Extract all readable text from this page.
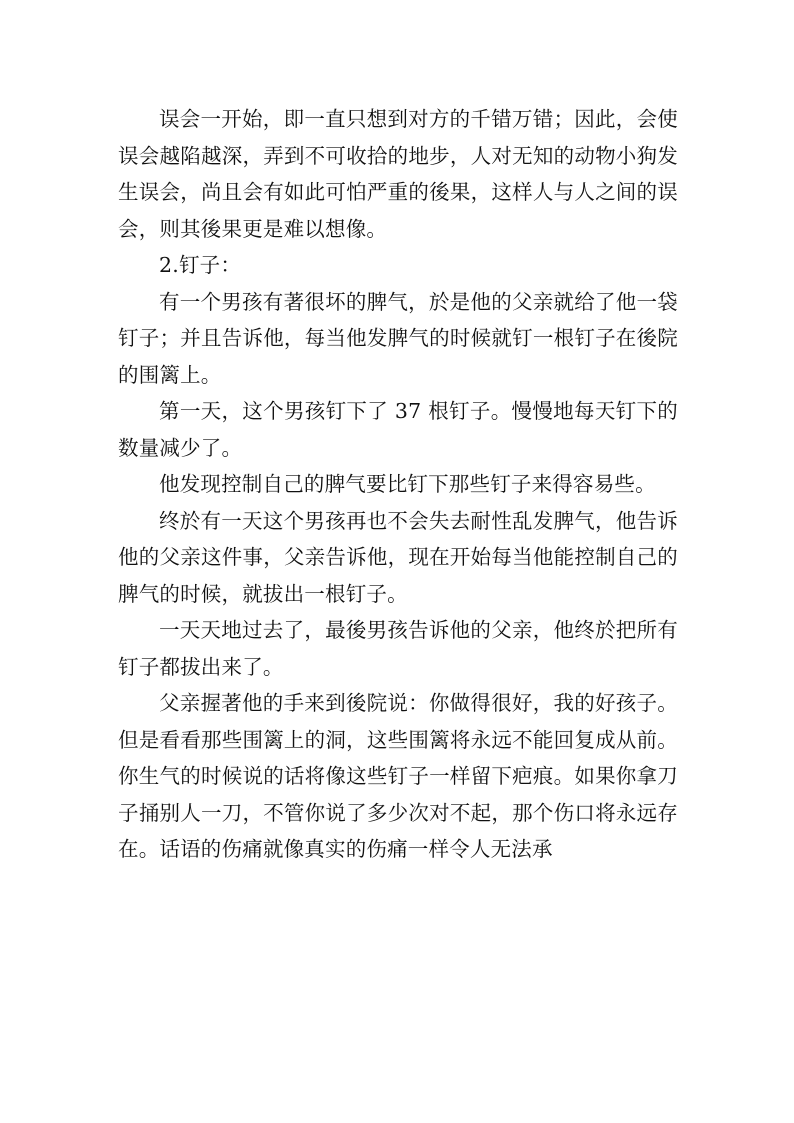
误会一开始，即一直只想到对方的千错万错；因此，会使误会越陷越深，弄到不可收拾的地步，人对无知的动物小狗发生误会，尚且会有如此可怕严重的後果，这样人与人之间的误会，则其後果更是难以想像。

2.钉子：

有一个男孩有著很坏的脾气，於是他的父亲就给了他一袋钉子；并且告诉他，每当他发脾气的时候就钉一根钉子在後院的围篱上。

第一天，这个男孩钉下了 37 根钉子。慢慢地每天钉下的数量减少了。

他发现控制自己的脾气要比钉下那些钉子来得容易些。

终於有一天这个男孩再也不会失去耐性乱发脾气，他告诉他的父亲这件事，父亲告诉他，现在开始每当他能控制自己的脾气的时候，就拔出一根钉子。

一天天地过去了，最後男孩告诉他的父亲，他终於把所有钉子都拔出来了。

父亲握著他的手来到後院说：你做得很好，我的好孩子。但是看看那些围篱上的洞，这些围篱将永远不能回复成从前。你生气的时候说的话将像这些钉子一样留下疤痕。如果你拿刀子捅别人一刀，不管你说了多少次对不起，那个伤口将永远存在。话语的伤痛就像真实的伤痛一样令人无法承
